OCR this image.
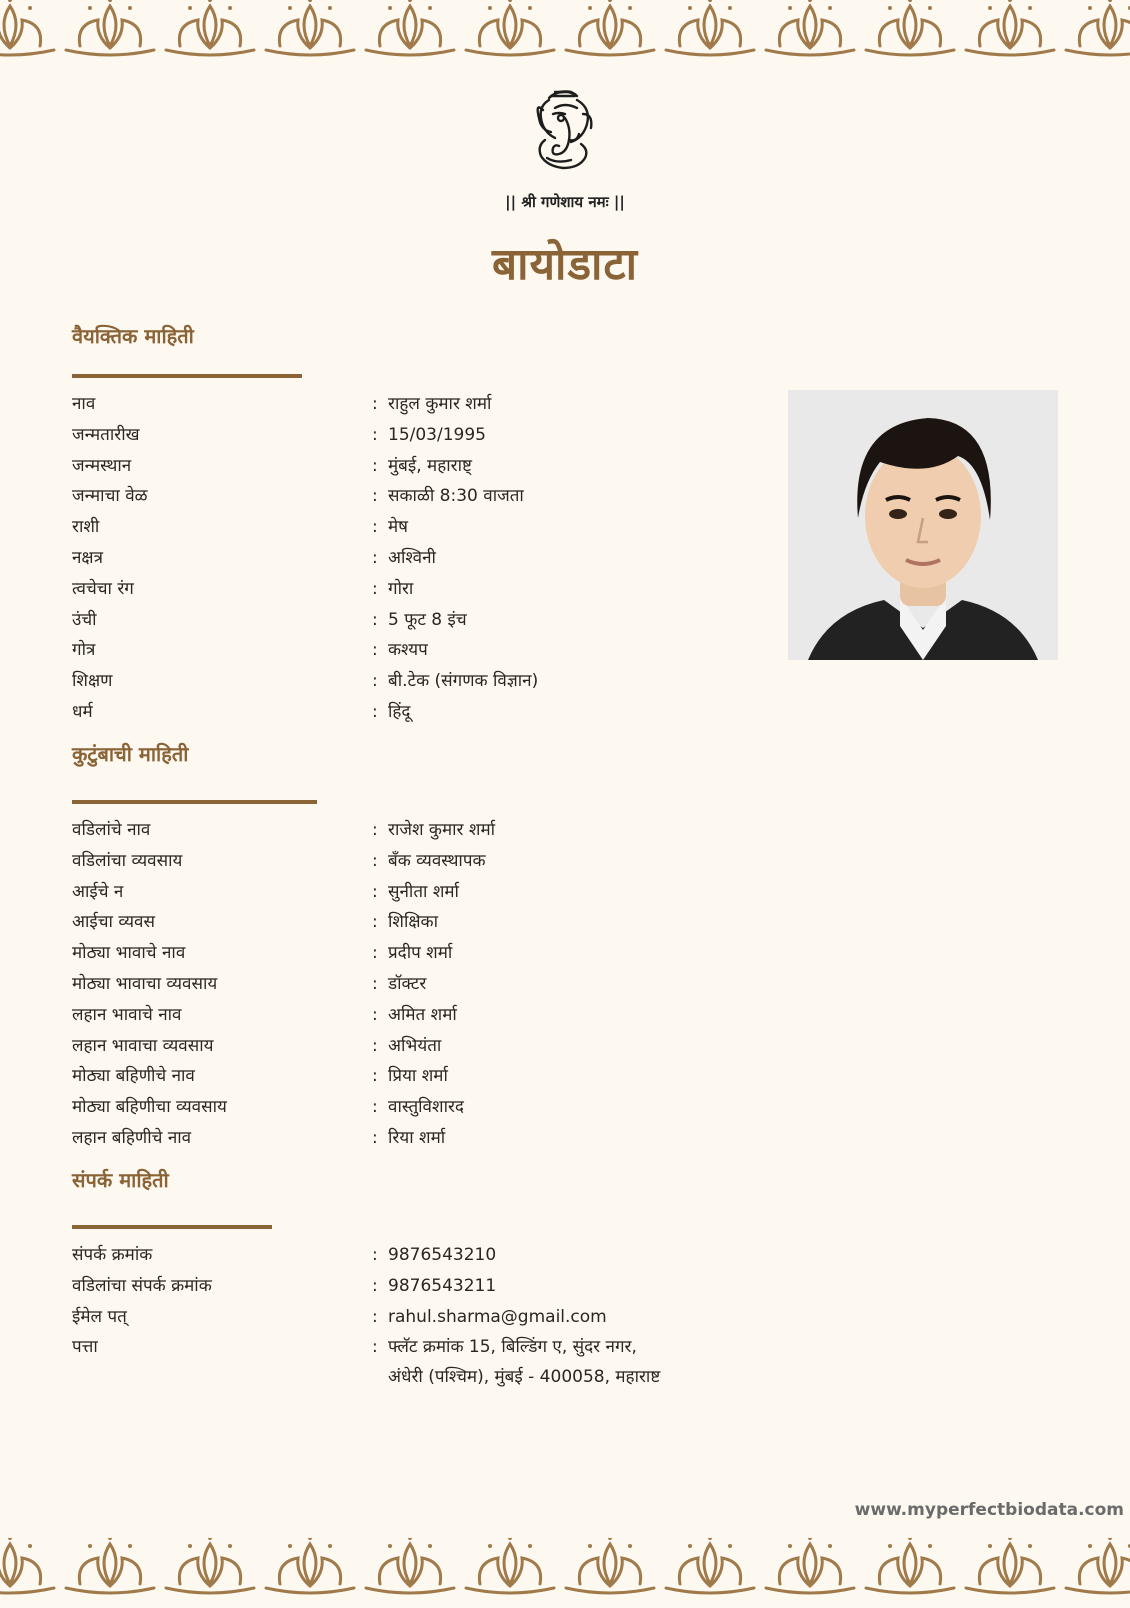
|| श्री गणेशाय नमः ||
बायोडाटा
वैयक्तिक माहिती
नाव	: राहुल कुमार शर्मा
जन्मतारीख	: 15/03/1995
जन्मस्थान	: मुंबई, महाराष्ट्
जन्माचा वेळ	: सकाळी 8:30 वाजता
राशी	: मेष
नक्षत्र	: अश्विनी
त्वचेचा रंग	: गोरा
उंची	: 5 फूट 8 इंच
गोत्र	: कश्यप
शिक्षण	: बी.टेक (संगणक विज्ञान)
धर्म	: हिंदू
कुटुंबाची माहिती
वडिलांचे नाव	: राजेश कुमार शर्मा
वडिलांचा व्यवसाय	: बँक व्यवस्थापक
आईचे न	: सुनीता शर्मा
आईचा व्यवस	: शिक्षिका
मोठ्या भावाचे नाव	: प्रदीप शर्मा
मोठ्या भावाचा व्यवसाय	: डॉक्टर
लहान भावाचे नाव	: अमित शर्मा
लहान भावाचा व्यवसाय	: अभियंता
मोठ्या बहिणीचे नाव	: प्रिया शर्मा
मोठ्या बहिणीचा व्यवसाय	: वास्तुविशारद
लहान बहिणीचे नाव	: रिया शर्मा
संपर्क माहिती
संपर्क क्रमांक	: 9876543210
वडिलांचा संपर्क क्रमांक	: 9876543211
ईमेल पत्	: rahul.sharma@gmail.com
पत्ता	: फ्लॅट क्रमांक 15, बिल्डिंग ए, सुंदर नगर,
अंधेरी (पश्चिम), मुंबई - 400058, महाराष्ट
www.myperfectbiodata.com
